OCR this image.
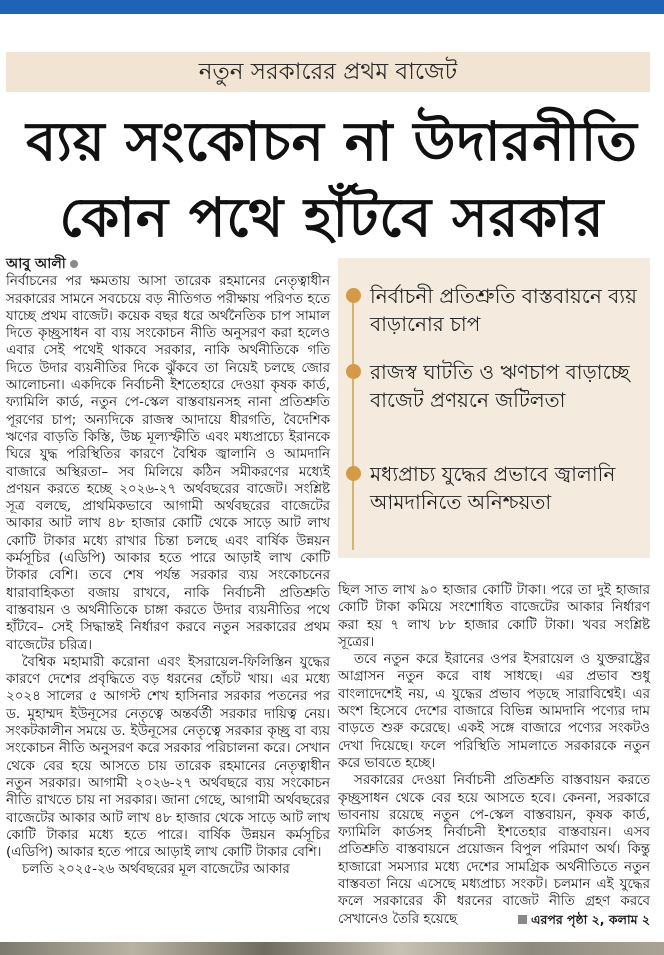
নতুন সরকারের প্রথম বাজেট
ব্যয় সংকোচন না উদারনীতি
কোন পথে হাঁটবে সরকার
আবু আলী

নির্বাচনের পর ক্ষমতায় আসা তারেক রহমানের নেতৃত্বাধীন সরকারের সামনে সবচেয়ে বড় নীতিগত পরীক্ষায় পরিণত হতে যাচ্ছে প্রথম বাজেট। কয়েক বছর ধরে অর্থনৈতিক চাপ সামাল দিতে কৃচ্ছ্রসাধন বা ব্যয় সংকোচন নীতি অনুসরণ করা হলেও এবার সেই পথেই থাকবে সরকার, নাকি অর্থনীতিকে গতি দিতে উদার ব্যয়নীতির দিকে ঝুঁকবে তা নিয়েই চলছে জোর আলোচনা। একদিকে নির্বাচনী ইশতেহারে দেওয়া কৃষক কার্ড, ফ্যামিলি কার্ড, নতুন পে-স্কেল বাস্তবায়নসহ নানা প্রতিশ্রুতি পূরণের চাপ; অন্যদিকে রাজস্ব আদায়ে ধীরগতি, বৈদেশিক ঋণের বাড়তি কিস্তি, উচ্চ মূল্যস্ফীতি এবং মধ্যপ্রাচ্যে ইরানকে ঘিরে যুদ্ধ পরিস্থিতির কারণে বৈশ্বিক জ্বালানি ও আমদানি বাজারে অস্থিরতা– সব মিলিয়ে কঠিন সমীকরণের মধ্যেই প্রণয়ন করতে হচ্ছে ২০২৬-২৭ অর্থবছরের বাজেট। সংশ্লিষ্ট সূত্র বলছে, প্রাথমিকভাবে আগামী অর্থবছরের বাজেটের আকার আট লাখ ৪৮ হাজার কোটি থেকে সাড়ে আট লাখ কোটি টাকার মধ্যে রাখার চিন্তা চলছে এবং বার্ষিক উন্নয়ন কর্মসূচির (এডিপি) আকার হতে পারে আড়াই লাখ কোটি টাকার বেশি। তবে শেষ পর্যন্ত সরকার ব্যয় সংকোচনের ধারাবাহিকতা বজায় রাখবে, নাকি নির্বাচনী প্রতিশ্রুতি বাস্তবায়ন ও অর্থনীতিকে চাঙ্গা করতে উদার ব্যয়নীতির পথে হাঁটবে– সেই সিদ্ধান্তই নির্ধারণ করবে নতুন সরকারের প্রথম বাজেটের চরিত্র।

বৈশ্বিক মহামারী করোনা এবং ইসরায়েল-ফিলিস্তিন যুদ্ধের কারণে দেশের প্রবৃদ্ধিতে বড় ধরনের হোঁচট খায়। এর মধ্যে ২০২৪ সালের ৫ আগস্ট শেখ হাসিনার সরকার পতনের পর ড. মুহাম্মদ ইউনূসের নেতৃত্বে অন্তর্বর্তী সরকার দায়িত্ব নেয়। সংকটকালীন সময়ে ড. ইউনূসের নেতৃত্বে সরকার কৃচ্ছ্র বা ব্যয় সংকোচন নীতি অনুসরণ করে সরকার পরিচালনা করে। সেখান থেকে বের হয়ে আসতে চায় তারেক রহমানের নেতৃত্বাধীন নতুন সরকার। আগামী ২০২৬-২৭ অর্থবছরে ব্যয় সংকোচন নীতি রাখতে চায় না সরকার। জানা গেছে, আগামী অর্থবছরের বাজেটের আকার আট লাখ ৪৮ হাজার থেকে সাড়ে আট লাখ কোটি টাকার মধ্যে হতে পারে। বার্ষিক উন্নয়ন কর্মসূচির (এডিপি) আকার হতে পারে আড়াই লাখ কোটি টাকার বেশি।

চলতি ২০২৫-২৬ অর্থবছরের মূল বাজেটের আকার

নির্বাচনী প্রতিশ্রুতি বাস্তবায়নে ব্যয় বাড়ানোর চাপ
রাজস্ব ঘাটতি ও ঋণচাপ বাড়াচ্ছে বাজেট প্রণয়নে জটিলতা
মধ্যপ্রাচ্য যুদ্ধের প্রভাবে জ্বালানি আমদানিতে অনিশ্চয়তা

ছিল সাত লাখ ৯০ হাজার কোটি টাকা। পরে তা দুই হাজার কোটি টাকা কমিয়ে সংশোধিত বাজেটের আকার নির্ধারণ করা হয় ৭ লাখ ৮৮ হাজার কোটি টাকা। খবর সংশ্লিষ্ট সূত্রের।

তবে নতুন করে ইরানের ওপর ইসরায়েল ও যুক্তরাষ্ট্রের আগ্রাসন নতুন করে বাধ সাধছে। এর প্রভাব শুধু বাংলাদেশেই নয়, এ যুদ্ধের প্রভাব পড়ছে সারাবিশ্বেই। এর অংশ হিসেবে দেশের বাজারে বিভিন্ন আমদানি পণ্যের দাম বাড়তে শুরু করেছে। একই সঙ্গে বাজারে পণ্যের সংকটও দেখা দিয়েছে। ফলে পরিস্থিতি সামলাতে সরকারকে নতুন করে ভাবতে হচ্ছে।

সরকারের দেওয়া নির্বাচনী প্রতিশ্রুতি বাস্তবায়ন করতে কৃচ্ছ্রসাধন থেকে বের হয়ে আসতে হবে। কেননা, সরকারে ভাবনায় রয়েছে নতুন পে-স্কেল বাস্তবায়ন, কৃষক কার্ড, ফ্যামিলি কার্ডসহ নির্বাচনী ইশতেহার বাস্তবায়ন। এসব প্রতিশ্রুতি বাস্তবায়নে প্রয়োজন বিপুল পরিমাণ অর্থ। কিন্তু হাজারো সমস্যার মধ্যে দেশের সামগ্রিক অর্থনীতিতে নতুন বাস্তবতা নিয়ে এসেছে মধ্যপ্রাচ্য সংকট। চলমান এই যুদ্ধের ফলে সরকারের কী ধরনের বাজেট নীতি গ্রহণ করবে সেখানেও তৈরি হয়েছে	এরপর পৃষ্ঠা ২, কলাম ২
